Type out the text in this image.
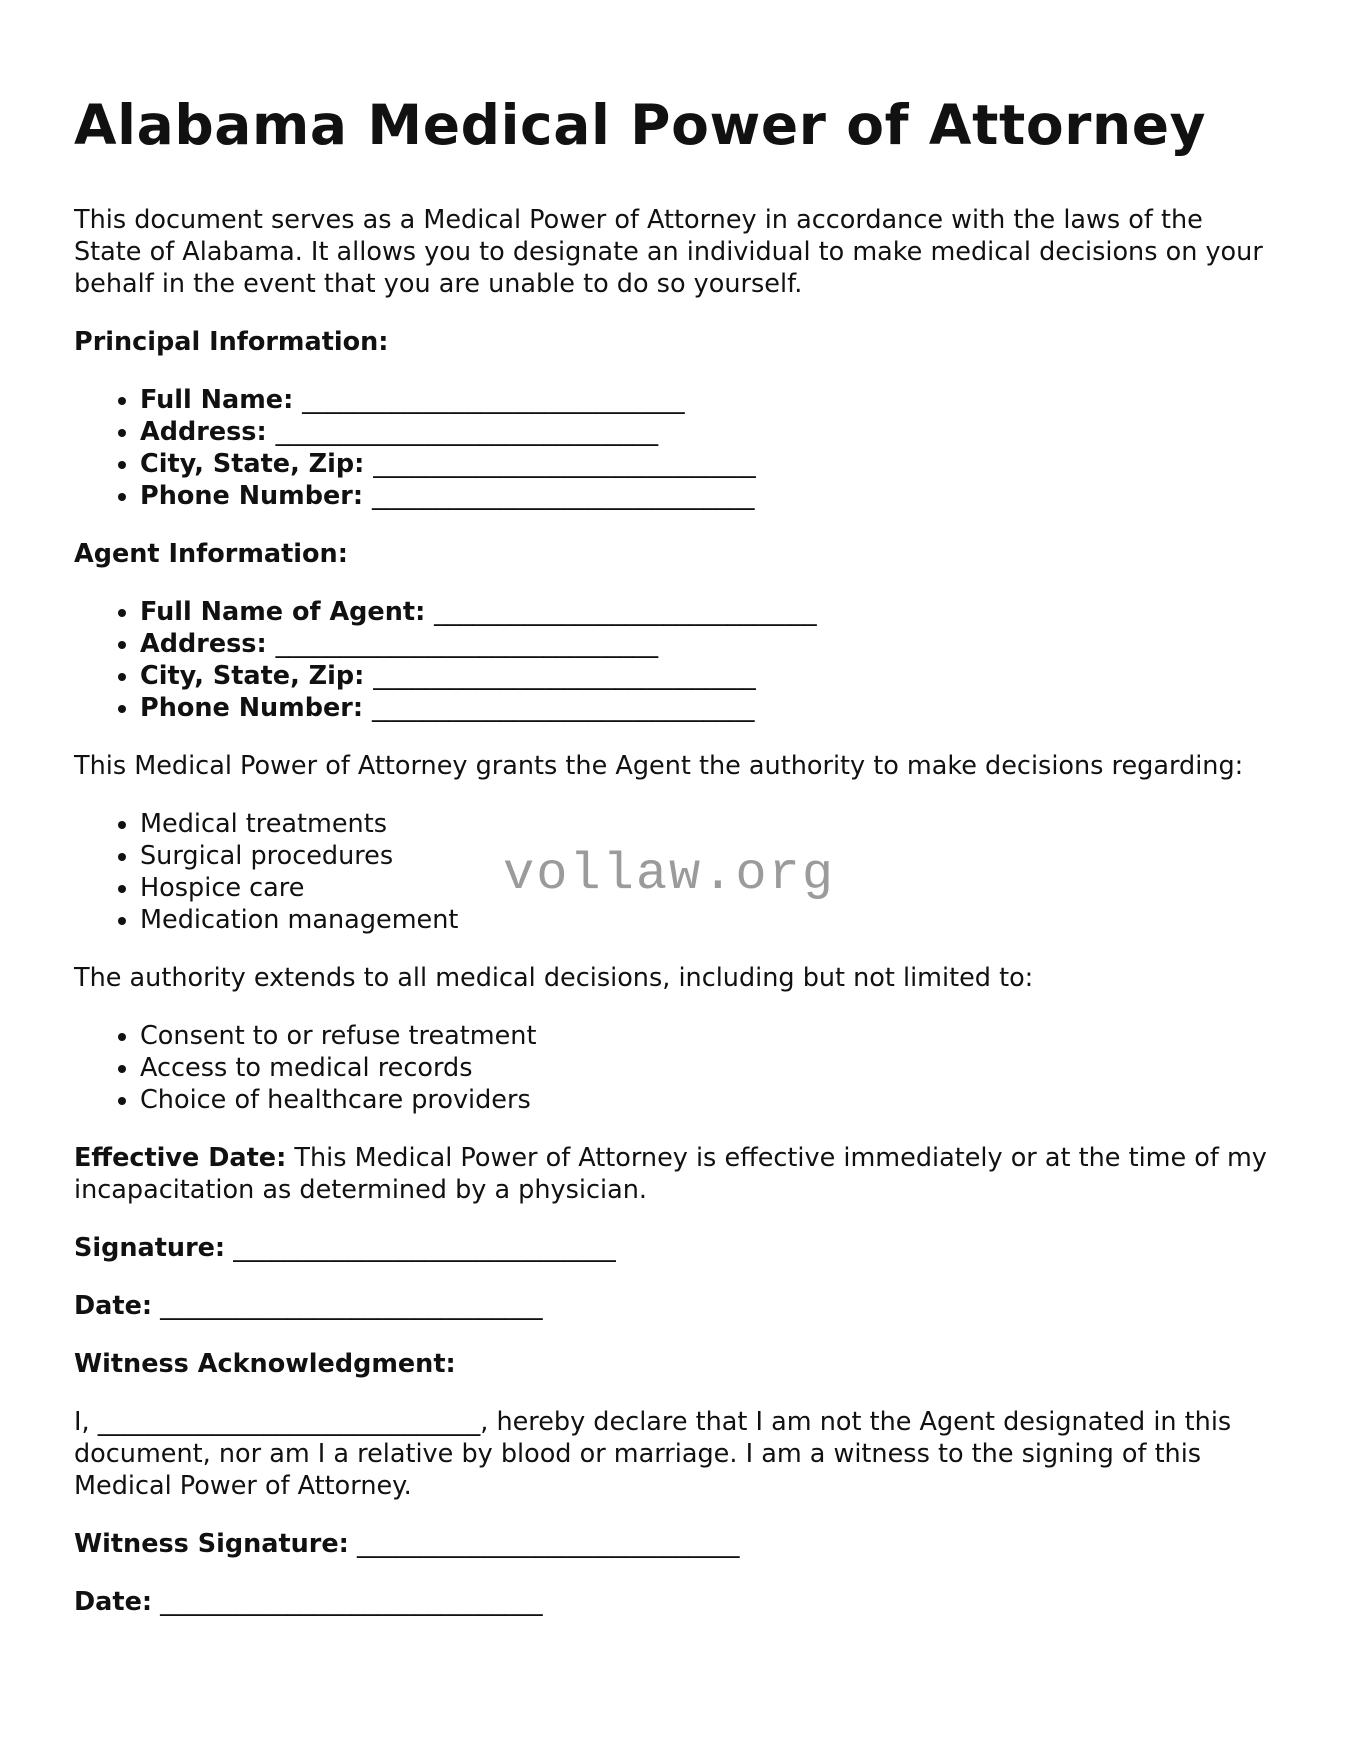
Alabama Medical Power of Attorney

This document serves as a Medical Power of Attorney in accordance with the laws of the State of Alabama. It allows you to designate an individual to make medical decisions on your behalf in the event that you are unable to do so yourself.

Principal Information:
• Full Name: ______________________________
• Address: ______________________________
• City, State, Zip: ______________________________
• Phone Number: ______________________________
Agent Information:
• Full Name of Agent: ______________________________
• Address: ______________________________
• City, State, Zip: ______________________________
• Phone Number: ______________________________

This Medical Power of Attorney grants the Agent the authority to make decisions regarding:

• Medical treatments
• Surgical procedures
• Hospice care
• Medication management

The authority extends to all medical decisions, including but not limited to:

• Consent to or refuse treatment
• Access to medical records
• Choice of healthcare providers

Effective Date: This Medical Power of Attorney is effective immediately or at the time of my incapacitation as determined by a physician.

Signature: ______________________________
Date: ______________________________
Witness Acknowledgment:

I, ______________________________, hereby declare that I am not the Agent designated in this document, nor am I a relative by blood or marriage. I am a witness to the signing of this Medical Power of Attorney.

Witness Signature: ______________________________
Date: ______________________________
vollaw.org
